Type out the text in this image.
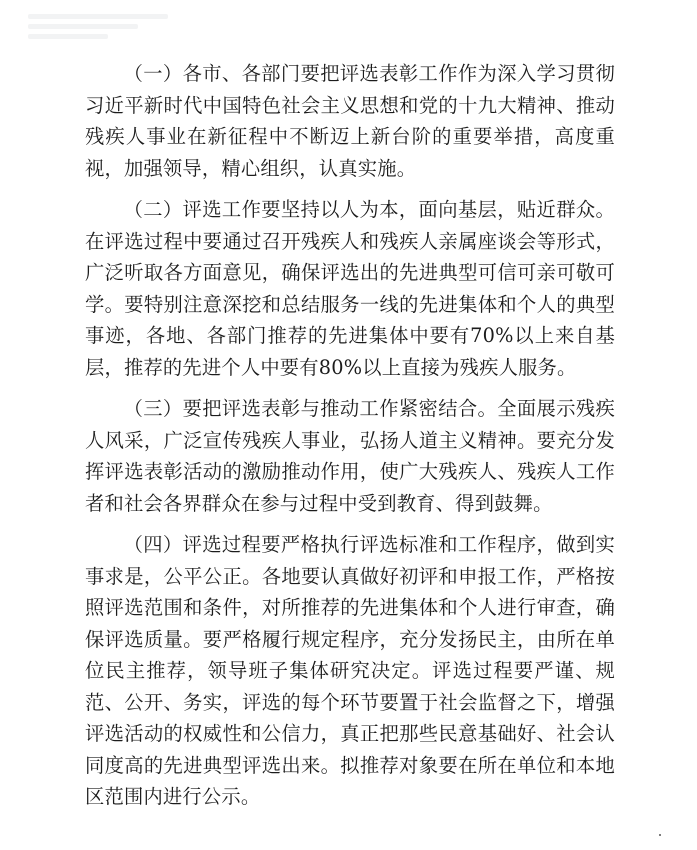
（一）各市、各部门要把评选表彰工作作为深入学习贯彻习近平新时代中国特色社会主义思想和党的十九大精神、推动残疾人事业在新征程中不断迈上新台阶的重要举措，高度重视，加强领导，精心组织，认真实施。

（二）评选工作要坚持以人为本，面向基层，贴近群众。在评选过程中要通过召开残疾人和残疾人亲属座谈会等形式，广泛听取各方面意见，确保评选出的先进典型可信可亲可敬可学。要特别注意深挖和总结服务一线的先进集体和个人的典型事迹，各地、各部门推荐的先进集体中要有70%以上来自基层，推荐的先进个人中要有80%以上直接为残疾人服务。

（三）要把评选表彰与推动工作紧密结合。全面展示残疾人风采，广泛宣传残疾人事业，弘扬人道主义精神。要充分发挥评选表彰活动的激励推动作用，使广大残疾人、残疾人工作者和社会各界群众在参与过程中受到教育、得到鼓舞。

（四）评选过程要严格执行评选标准和工作程序，做到实事求是，公平公正。各地要认真做好初评和申报工作，严格按照评选范围和条件，对所推荐的先进集体和个人进行审查，确保评选质量。要严格履行规定程序，充分发扬民主，由所在单位民主推荐，领导班子集体研究决定。评选过程要严谨、规范、公开、务实，评选的每个环节要置于社会监督之下，增强评选活动的权威性和公信力，真正把那些民意基础好、社会认同度高的先进典型评选出来。拟推荐对象要在所在单位和本地区范围内进行公示。
